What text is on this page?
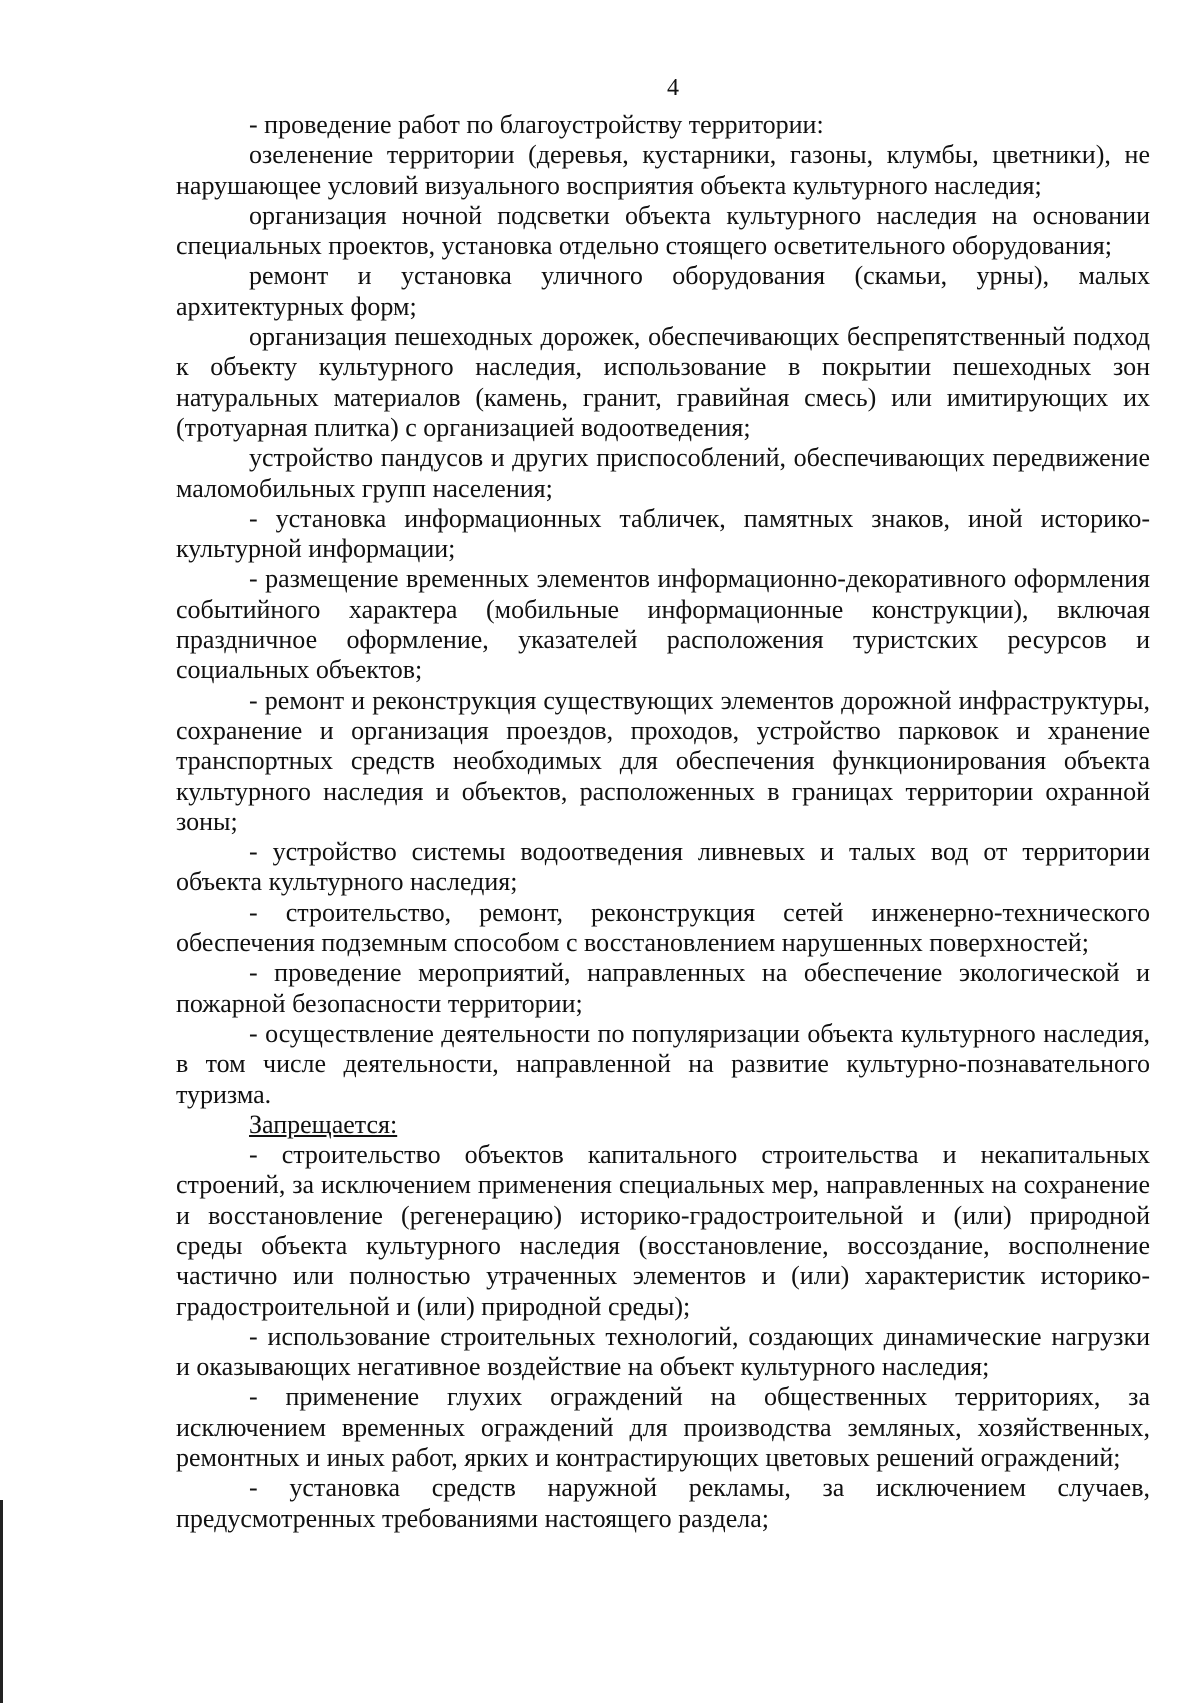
4

- проведение работ по благоустройству территории:

озеленение территории (деревья, кустарники, газоны, клумбы, цветники), не нарушающее условий визуального восприятия объекта культурного наследия;

организация ночной подсветки объекта культурного наследия на основании специальных проектов, установка отдельно стоящего осветительного оборудования;

ремонт и установка уличного оборудования (скамьи, урны), малых архитектурных форм;

организация пешеходных дорожек, обеспечивающих беспрепятственный подход к объекту культурного наследия, использование в покрытии пешеходных зон натуральных материалов (камень, гранит, гравийная смесь) или имитирующих их (тротуарная плитка) с организацией водоотведения;

устройство пандусов и других приспособлений, обеспечивающих передвижение маломобильных групп населения;

- установка информационных табличек, памятных знаков, иной историко-культурной информации;

- размещение временных элементов информационно-декоративного оформления событийного характера (мобильные информационные конструкции), включая праздничное оформление, указателей расположения туристских ресурсов и социальных объектов;

- ремонт и реконструкция существующих элементов дорожной инфраструктуры, сохранение и организация проездов, проходов, устройство парковок и хранение транспортных средств необходимых для обеспечения функционирования объекта культурного наследия и объектов, расположенных в границах территории охранной зоны;

- устройство системы водоотведения ливневых и талых вод от территории объекта культурного наследия;

- строительство, ремонт, реконструкция сетей инженерно-технического обеспечения подземным способом с восстановлением нарушенных поверхностей;

- проведение мероприятий, направленных на обеспечение экологической и пожарной безопасности территории;

- осуществление деятельности по популяризации объекта культурного наследия, в том числе деятельности, направленной на развитие культурно-познавательного туризма.

Запрещается:

- строительство объектов капитального строительства и некапитальных строений, за исключением применения специальных мер, направленных на сохранение и восстановление (регенерацию) историко-градостроительной и (или) природной среды объекта культурного наследия (восстановление, воссоздание, восполнение частично или полностью утраченных элементов и (или) характеристик историко-градостроительной и (или) природной среды);

- использование строительных технологий, создающих динамические нагрузки и оказывающих негативное воздействие на объект культурного наследия;

- применение глухих ограждений на общественных территориях, за исключением временных ограждений для производства земляных, хозяйственных, ремонтных и иных работ, ярких и контрастирующих цветовых решений ограждений;

- установка средств наружной рекламы, за исключением случаев, предусмотренных требованиями настоящего раздела;
